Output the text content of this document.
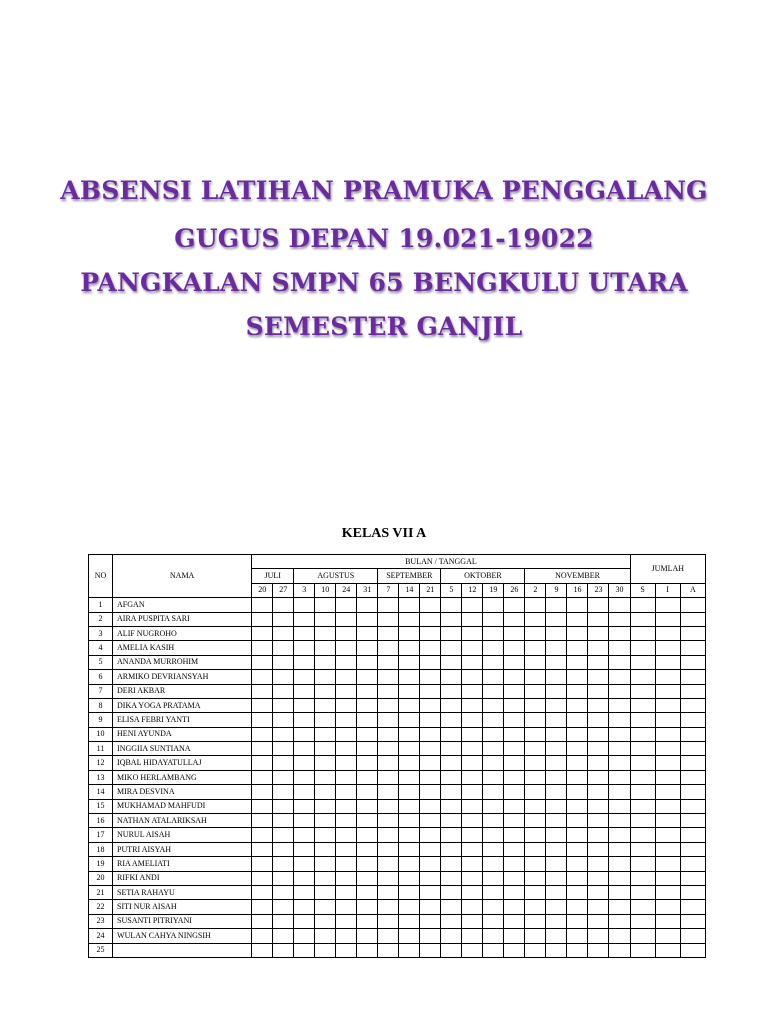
ABSENSI LATIHAN PRAMUKA PENGGALANG

GUGUS DEPAN 19.021-19022

PANGKALAN SMPN 65 BENGKULU UTARA

SEMESTER GANJIL

KELAS VII A
NO	NAMA	BULAN / TANGGAL																		JUMLAH		
		JULI		AGUSTUS				SEPTEMBER			OKTOBER				NOVEMBER							
		20	27	3	10	24	31	7	14	21	5	12	19	26	2	9	16	23	30	S	I	A
1	AFGAN																					
2	AIRA PUSPITA SARI																					
3	ALIF NUGROHO																					
4	AMELIA KASIH																					
5	ANANDA MURROHIM																					
6	ARMIKO DEVRIANSYAH																					
7	DERI AKBAR																					
8	DIKA YOGA PRATAMA																					
9	ELISA FEBRI YANTI																					
10	HENI AYUNDA																					
11	INGGIIA SUNTIANA																					
12	IQBAL HIDAYATULLAJ																					
13	MIKO HERLAMBANG																					
14	MIRA DESVINA																					
15	MUKHAMAD MAHFUDI																					
16	NATHAN ATALARIKSAH																					
17	NURUL AISAH																					
18	PUTRI AISYAH																					
19	RIA AMELIATI																					
20	RIFKI ANDI																					
21	SETIA RAHAYU																					
22	SITI NUR AISAH																					
23	SUSANTI PITRIYANI																					
24	WULAN CAHYA NINGSIH																					
25																						
